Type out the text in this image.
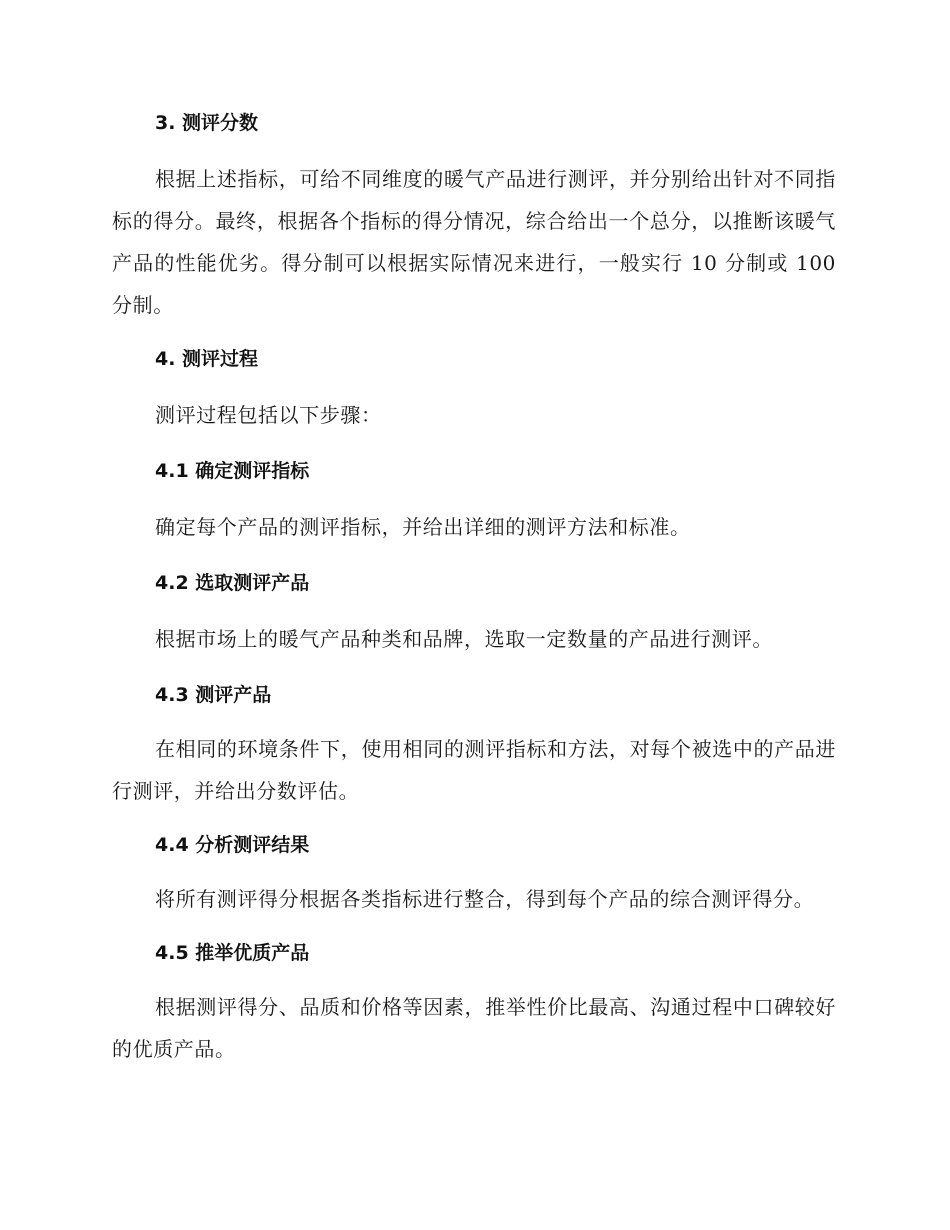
3. 测评分数

根据上述指标，可给不同维度的暖气产品进行测评，并分别给出针对不同指标的得分。最终，根据各个指标的得分情况，综合给出一个总分，以推断该暖气产品的性能优劣。得分制可以根据实际情况来进行，一般实行 10 分制或 100 分制。

4. 测评过程

测评过程包括以下步骤：

4.1 确定测评指标

确定每个产品的测评指标，并给出详细的测评方法和标准。

4.2 选取测评产品

根据市场上的暖气产品种类和品牌，选取一定数量的产品进行测评。

4.3 测评产品

在相同的环境条件下，使用相同的测评指标和方法，对每个被选中的产品进行测评，并给出分数评估。

4.4 分析测评结果

将所有测评得分根据各类指标进行整合，得到每个产品的综合测评得分。

4.5 推举优质产品

根据测评得分、品质和价格等因素，推举性价比最高、沟通过程中口碑较好的优质产品。
